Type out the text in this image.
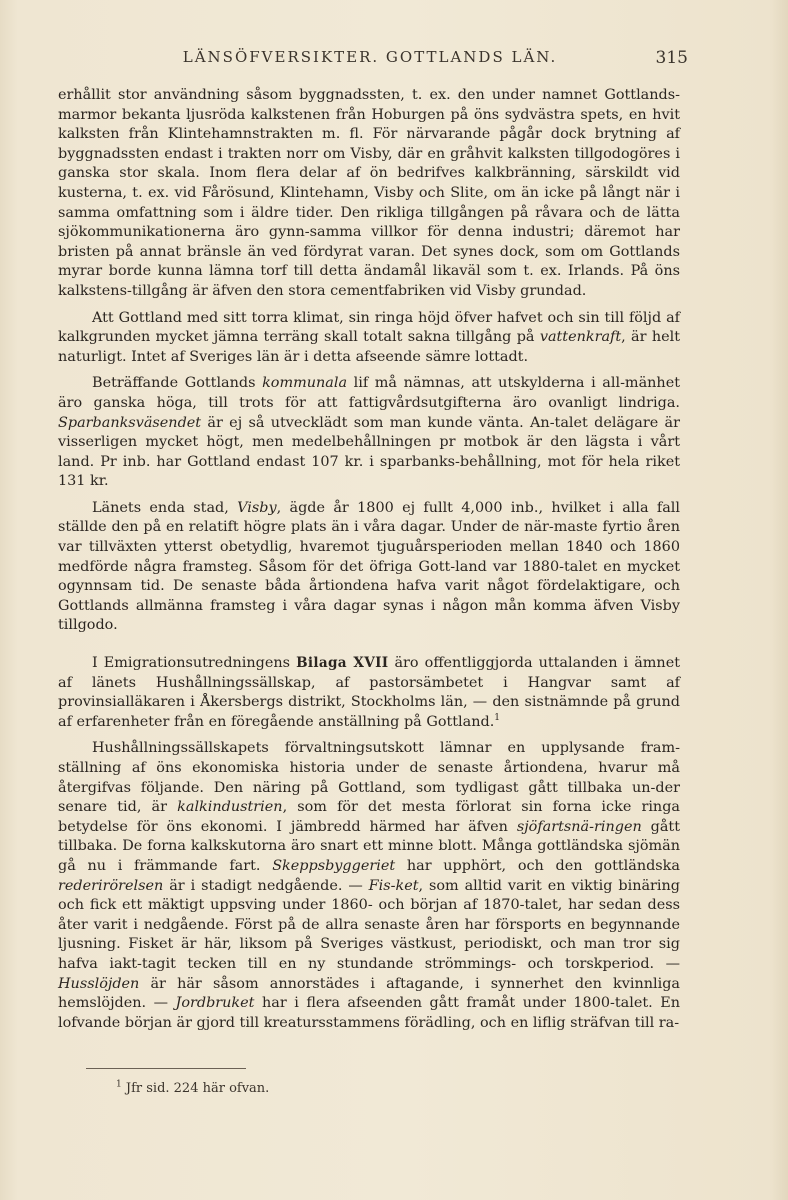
LÄNSÖFVERSIKTER. GOTTLANDS LÄN.	315

erhållit stor användning såsom byggnadssten, t. ex. den under namnet Gottlands-marmor bekanta ljusröda kalkstenen från Hoburgen på öns sydvästra spets, en hvit kalksten från Klintehamnstrakten m. fl. För närvarande pågår dock brytning af byggnadssten endast i trakten norr om Visby, där en gråhvit kalksten tillgodogöres i ganska stor skala. Inom flera delar af ön bedrifves kalkbränning, särskildt vid kusterna, t. ex. vid Fårösund, Klintehamn, Visby och Slite, om än icke på långt när i samma omfattning som i äldre tider. Den rikliga tillgången på råvara och de lätta sjökommunikationerna äro gynn-samma villkor för denna industri; däremot har bristen på annat bränsle än ved fördyrat varan. Det synes dock, som om Gottlands myrar borde kunna lämna torf till detta ändamål likaväl som t. ex. Irlands. På öns kalkstens-tillgång är äfven den stora cementfabriken vid Visby grundad.

Att Gottland med sitt torra klimat, sin ringa höjd öfver hafvet och sin till följd af kalkgrunden mycket jämna terräng skall totalt sakna tillgång på vattenkraft, är helt naturligt. Intet af Sveriges län är i detta afseende sämre lottadt.

Beträffande Gottlands kommunala lif må nämnas, att utskylderna i all-mänhet äro ganska höga, till trots för att fattigvårdsutgifterna äro ovanligt lindriga. Sparbanksväsendet är ej så utvecklädt som man kunde vänta. An-talet delägare är visserligen mycket högt, men medelbehållningen pr motbok är den lägsta i vårt land. Pr inb. har Gottland endast 107 kr. i sparbanks-behållning, mot för hela riket 131 kr.

Länets enda stad, Visby, ägde år 1800 ej fullt 4,000 inb., hvilket i alla fall ställde den på en relatift högre plats än i våra dagar. Under de när-maste fyrtio åren var tillväxten ytterst obetydlig, hvaremot tjuguårsperioden mellan 1840 och 1860 medförde några framsteg. Såsom för det öfriga Gott-land var 1880-talet en mycket ogynnsam tid. De senaste båda årtiondena hafva varit något fördelaktigare, och Gottlands allmänna framsteg i våra dagar synas i någon mån komma äfven Visby tillgodo.

I Emigrationsutredningens Bilaga XVII äro offentliggjorda uttalanden i ämnet af länets Hushållningssällskap, af pastorsämbetet i Hangvar samt af provinsialläkaren i Åkersbergs distrikt, Stockholms län, — den sistnämnde på grund af erfarenheter från en föregående anställning på Gottland.$^1$

Hushållningssällskapets förvaltningsutskott lämnar en upplysande fram-ställning af öns ekonomiska historia under de senaste årtiondena, hvarur må återgifvas följande. Den näring på Gottland, som tydligast gått tillbaka un-der senare tid, är kalkindustrien, som för det mesta förlorat sin forna icke ringa betydelse för öns ekonomi. I jämbredd härmed har äfven sjöfartsnä-ringen gått tillbaka. De forna kalkskutorna äro snart ett minne blott. Många gottländska sjömän gå nu i främmande fart. Skeppsbyggeriet har upphört, och den gottländska rederirörelsen är i stadigt nedgående. — Fis-ket, som alltid varit en viktig binäring och fick ett mäktigt uppsving under 1860- och början af 1870-talet, har sedan dess åter varit i nedgående. Först på de allra senaste åren har försports en begynnande ljusning. Fisket är här, liksom på Sveriges västkust, periodiskt, och man tror sig hafva iakt-tagit tecken till en ny stundande strömmings- och torskperiod. — Husslöjden är här såsom annorstädes i aftagande, i synnerhet den kvinnliga hemslöjden. — Jordbruket har i flera afseenden gått framåt under 1800-talet. En lofvande början är gjord till kreatursstammens förädling, och en liflig sträfvan till ra-

$^1$ Jfr sid. 224 här ofvan.
